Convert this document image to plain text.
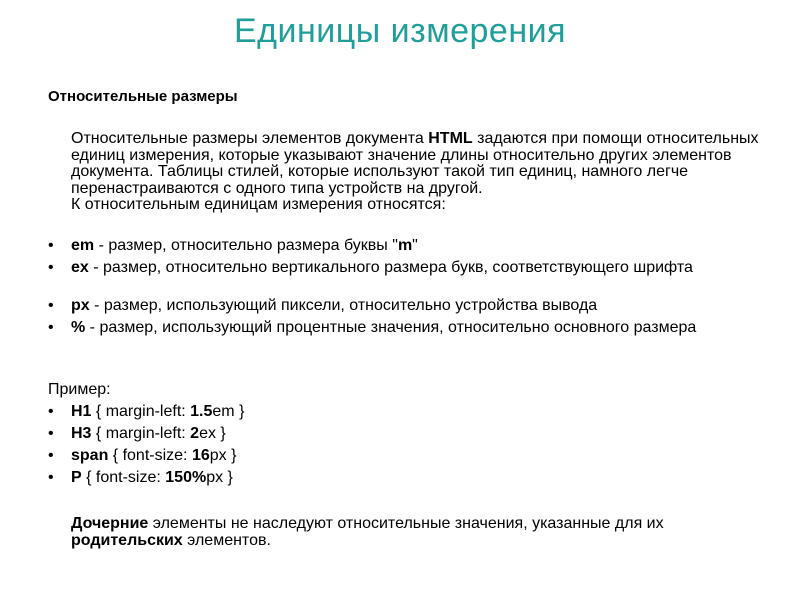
Единицы измерения
Относительные размеры
Относительные размеры элементов документа HTML задаются при помощи относительных единиц измерения, которые указывают значение длины относительно других элементов документа. Таблицы стилей, которые используют такой тип единиц, намного легче перенастраиваются с одного типа устройств на другой.
К относительным единицам измерения относятся:
• em - размер, относительно размера буквы "m"
• ex - размер, относительно вертикального размера букв, соответствующего шрифта
• px - размер, использующий пиксели, относительно устройства вывода
• % - размер, использующий процентные значения, относительно основного размера
Пример:
• H1 { margin-left: 1.5em }
• H3 { margin-left: 2ex }
• span { font-size: 16px }
• P { font-size: 150%px }
Дочерние элементы не наследуют относительные значения, указанные для их родительских элементов.
